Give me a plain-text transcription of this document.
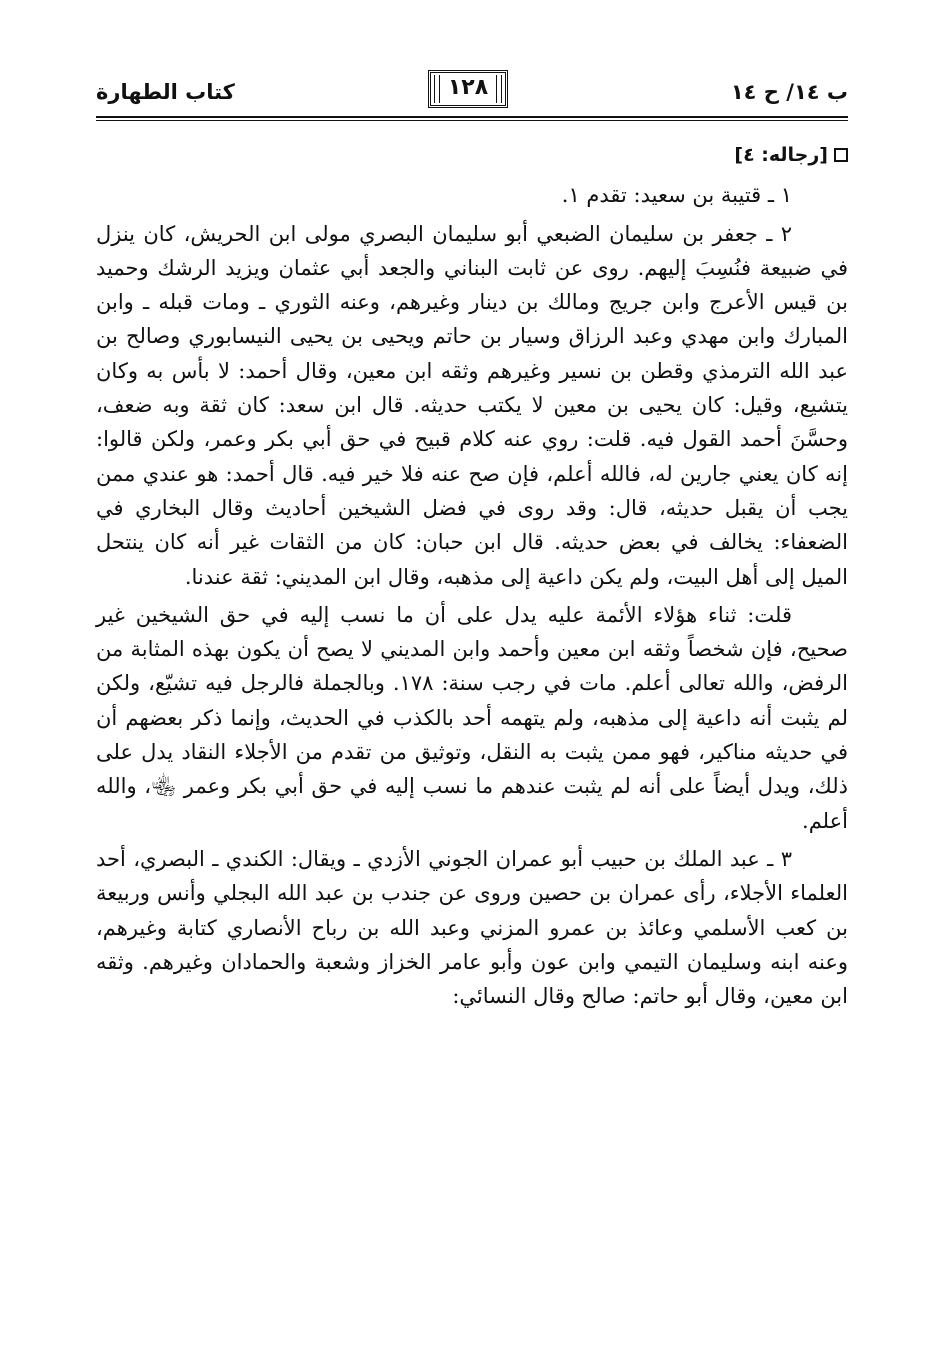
ب ١٤/ ح ١٤
١٢٨
كتاب الطهارة
[رجاله: ٤]

١ ـ قتيبة بن سعيد: تقدم ١.

٢ ـ جعفر بن سليمان الضبعي أبو سليمان البصري مولى ابن الحريش، كان ينزل في ضبيعة فنُسِبَ إليهم. روى عن ثابت البناني والجعد أبي عثمان ويزيد الرشك وحميد بن قيس الأعرج وابن جريج ومالك بن دينار وغيرهم، وعنه الثوري ـ ومات قبله ـ وابن المبارك وابن مهدي وعبد الرزاق وسيار بن حاتم ويحيى بن يحيى النيسابوري وصالح بن عبد الله الترمذي وقطن بن نسير وغيرهم وثقه ابن معين، وقال أحمد: لا بأس به وكان يتشيع، وقيل: كان يحيى بن معين لا يكتب حديثه. قال ابن سعد: كان ثقة وبه ضعف، وحسَّنَ أحمد القول فيه. قلت: روي عنه كلام قبيح في حق أبي بكر وعمر، ولكن قالوا: إنه كان يعني جارين له، فالله أعلم، فإن صح عنه فلا خير فيه. قال أحمد: هو عندي ممن يجب أن يقبل حديثه، قال: وقد روى في فضل الشيخين أحاديث وقال البخاري في الضعفاء: يخالف في بعض حديثه. قال ابن حبان: كان من الثقات غير أنه كان ينتحل الميل إلى أهل البيت، ولم يكن داعية إلى مذهبه، وقال ابن المديني: ثقة عندنا.

قلت: ثناء هؤلاء الأئمة عليه يدل على أن ما نسب إليه في حق الشيخين غير صحيح، فإن شخصاً وثقه ابن معين وأحمد وابن المديني لا يصح أن يكون بهذه المثابة من الرفض، والله تعالى أعلم. مات في رجب سنة: ١٧٨. وبالجملة فالرجل فيه تشيّع، ولكن لم يثبت أنه داعية إلى مذهبه، ولم يتهمه أحد بالكذب في الحديث، وإنما ذكر بعضهم أن في حديثه مناكير، فهو ممن يثبت به النقل، وتوثيق من تقدم من الأجلاء النقاد يدل على ذلك، ويدل أيضاً على أنه لم يثبت عندهم ما نسب إليه في حق أبي بكر وعمر ﵄، والله أعلم.

٣ ـ عبد الملك بن حبيب أبو عمران الجوني الأزدي ـ ويقال: الكندي ـ البصري، أحد العلماء الأجلاء، رأى عمران بن حصين وروى عن جندب بن عبد الله البجلي وأنس وربيعة بن كعب الأسلمي وعائذ بن عمرو المزني وعبد الله بن رباح الأنصاري كتابة وغيرهم، وعنه ابنه وسليمان التيمي وابن عون وأبو عامر الخزاز وشعبة والحمادان وغيرهم. وثقه ابن معين، وقال أبو حاتم: صالح وقال النسائي:
